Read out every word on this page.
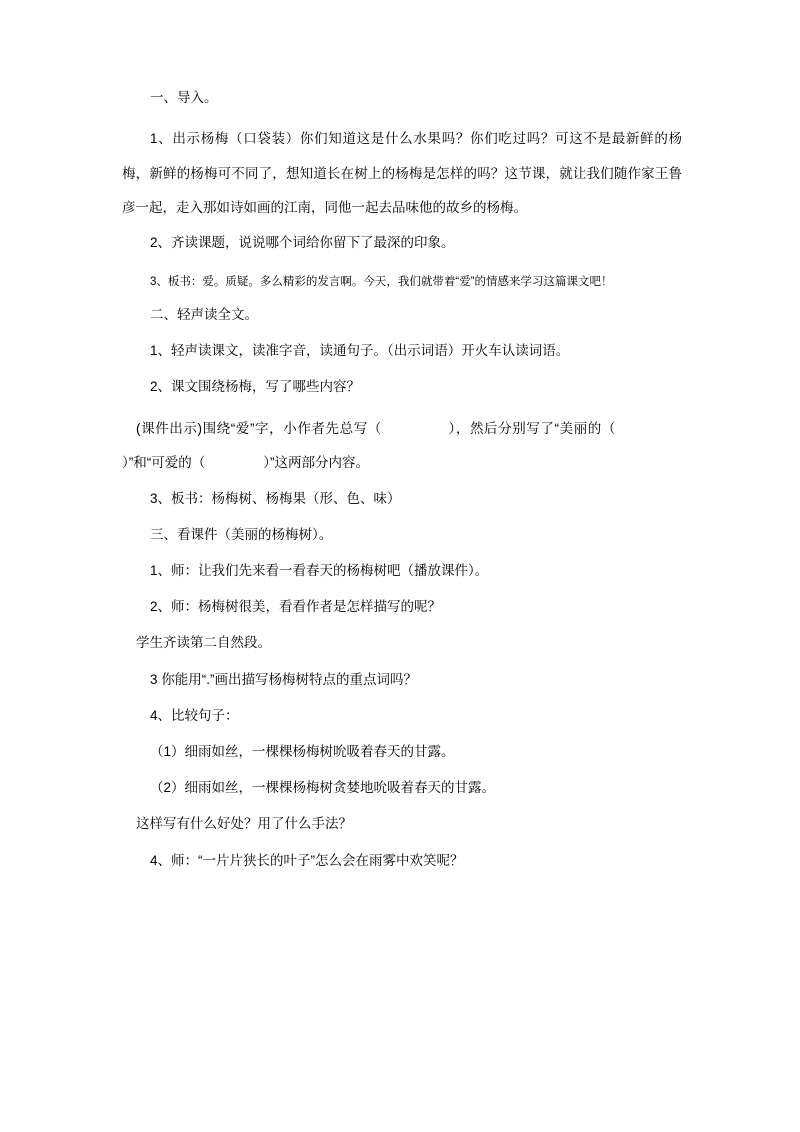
一、导入。

1、出示杨梅（口袋装）你们知道这是什么水果吗？你们吃过吗？可这不是最新鲜的杨梅，新鲜的杨梅可不同了，想知道长在树上的杨梅是怎样的吗？这节课，就让我们随作家王鲁彦一起，走入那如诗如画的江南，同他一起去品味他的故乡的杨梅。

2、齐读课题，说说哪个词给你留下了最深的印象。

3、板书：爱。质疑。多么精彩的发言啊。今天，我们就带着“爱”的情感来学习这篇课文吧！

二、轻声读全文。

1、轻声读课文，读准字音，读通句子。（出示词语）开火车认读词语。

2、课文围绕杨梅，写了哪些内容？

(课件出示)围绕“爱”字，小作者先总写（	），然后分别写了“美丽的（）”和“可爱的（	）”这两部分内容。

3、板书：杨梅树、杨梅果（形、色、味）

三、看课件（美丽的杨梅树）。

1、师：让我们先来看一看春天的杨梅树吧（播放课件）。

2、师：杨梅树很美，看看作者是怎样描写的呢？

学生齐读第二自然段。

3 你能用“.”画出描写杨梅树特点的重点词吗？

4、比较句子：

（1）细雨如丝，一棵棵杨梅树吮吸着春天的甘露。

（2）细雨如丝，一棵棵杨梅树贪婪地吮吸着春天的甘露。

这样写有什么好处？用了什么手法？

4、师：“一片片狭长的叶子”怎么会在雨雾中欢笑呢？
